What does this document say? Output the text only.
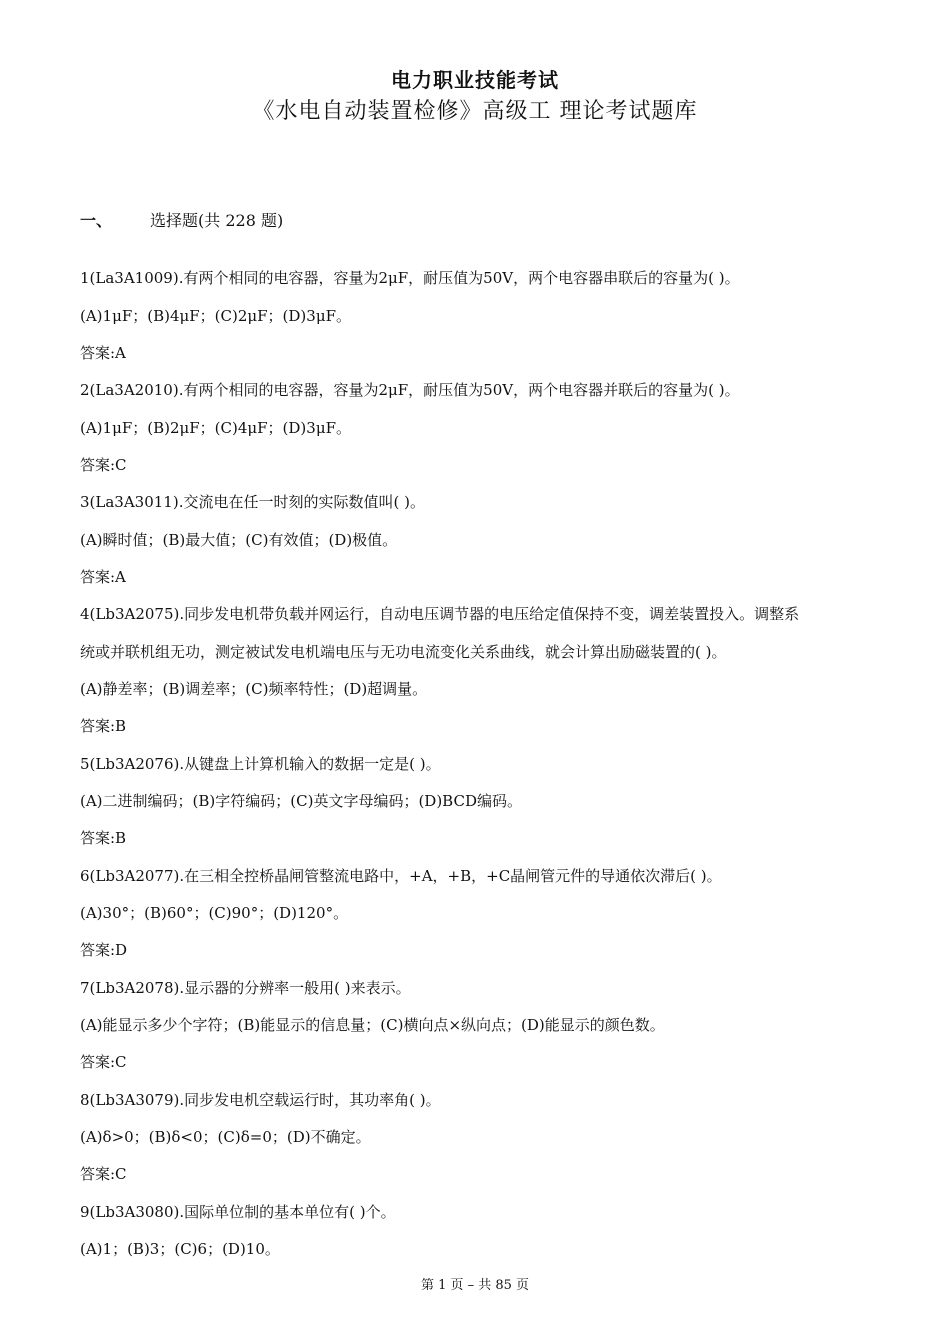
电力职业技能考试
《水电自动装置检修》高级工 理论考试题库
一、 选择题(共 228 题)
1(La3A1009).有两个相同的电容器，容量为2μF，耐压值为50V，两个电容器串联后的容量为( )。
(A)1μF；(B)4μF；(C)2μF；(D)3μF。
答案:A
2(La3A2010).有两个相同的电容器，容量为2μF，耐压值为50V，两个电容器并联后的容量为( )。
(A)1μF；(B)2μF；(C)4μF；(D)3μF。
答案:C
3(La3A3011).交流电在任一时刻的实际数值叫( )。
(A)瞬时值；(B)最大值；(C)有效值；(D)极值。
答案:A
4(Lb3A2075).同步发电机带负载并网运行，自动电压调节器的电压给定值保持不变，调差装置投入。调整系
统或并联机组无功，测定被试发电机端电压与无功电流变化关系曲线，就会计算出励磁装置的( )。
(A)静差率；(B)调差率；(C)频率特性；(D)超调量。
答案:B
5(Lb3A2076).从键盘上计算机输入的数据一定是( )。
(A)二进制编码；(B)字符编码；(C)英文字母编码；(D)BCD编码。
答案:B
6(Lb3A2077).在三相全控桥晶闸管整流电路中，+A，+B，+C晶闸管元件的导通依次滞后( )。
(A)30°；(B)60°；(C)90°；(D)120°。
答案:D
7(Lb3A2078).显示器的分辨率一般用( )来表示。
(A)能显示多少个字符；(B)能显示的信息量；(C)横向点×纵向点；(D)能显示的颜色数。
答案:C
8(Lb3A3079).同步发电机空载运行时，其功率角( )。
(A)δ>0；(B)δ<0；(C)δ=0；(D)不确定。
答案:C
9(Lb3A3080).国际单位制的基本单位有( )个。
(A)1；(B)3；(C)6；(D)10。
第 1 页 – 共 85 页
